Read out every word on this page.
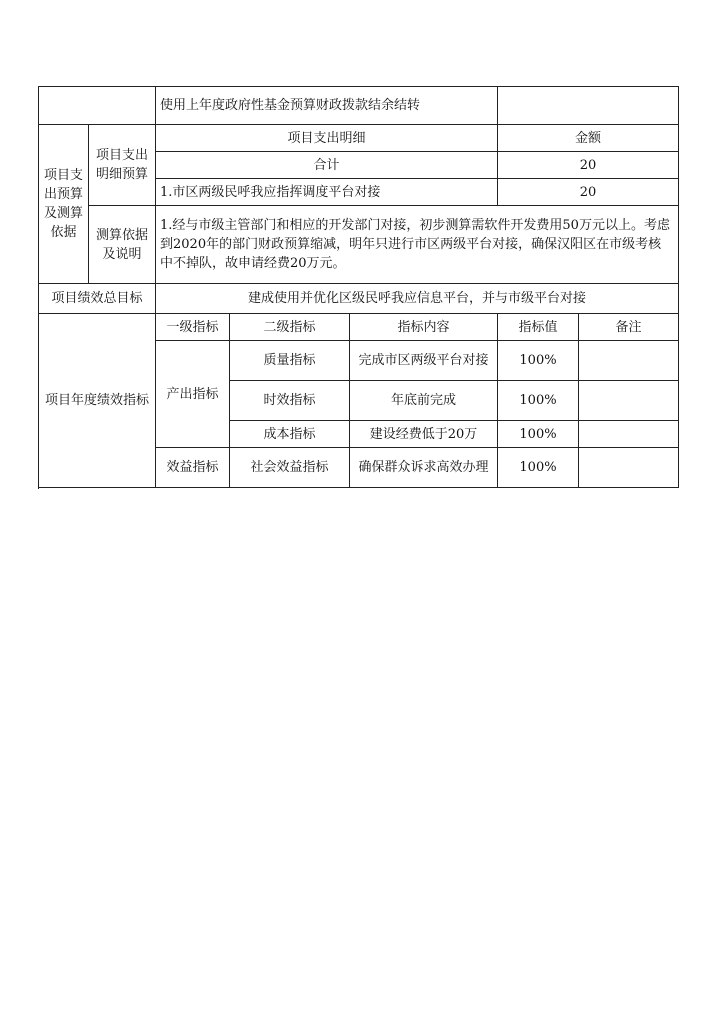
		使用上年度政府性基金预算财政拨款结余结转				
项目支出预算及测算依据	项目支出明细预算	项目支出明细			金额	
		合计			20	
		1.市区两级民呼我应指挥调度平台对接			20	
	测算依据及说明	1.经与市级主管部门和相应的开发部门对接，初步测算需软件开发费用50万元以上。考虑到2020年的部门财政预算缩减，明年只进行市区两级平台对接，确保汉阳区在市级考核中不掉队，故申请经费20万元。				

项目绩效总目标		建成使用并优化区级民呼我应信息平台，并与市级平台对接				
项目年度绩效指标		一级指标	二级指标	指标内容	指标值	备注
		产出指标	质量指标	完成市区两级平台对接	100%	
			时效指标	年底前完成	100%	
			成本指标	建设经费低于20万	100%	
		效益指标	社会效益指标	确保群众诉求高效办理	100%	
